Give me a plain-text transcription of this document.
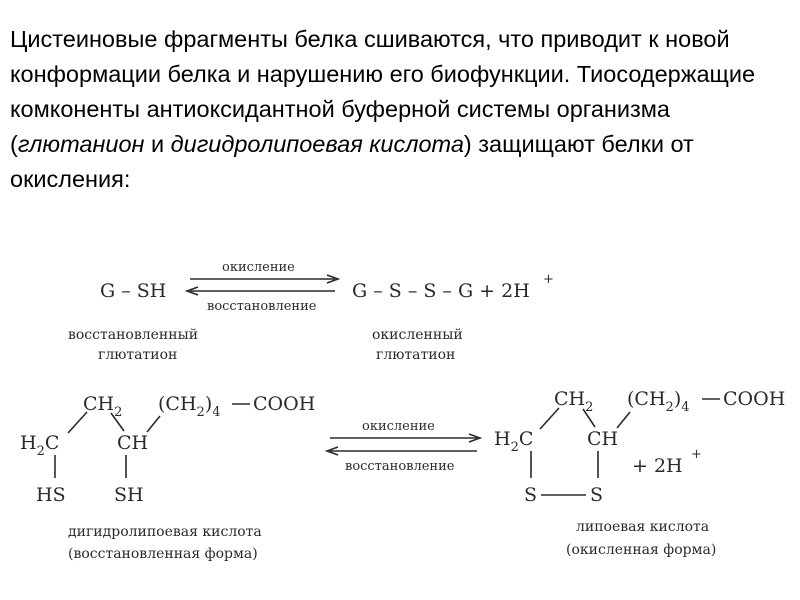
Цистеиновые фрагменты белка сшиваются, что приводит к новой конформации белка и нарушению его биофункции. Тиосодержащие комконенты антиоксидантной буферной системы организма (глютанион и дигидролипоевая кислота) защищают белки от окисления:

G – SH
окисление
восстановление
G – S – S – G + 2H
+
восстановленный
глютатион
окисленный
глютатион
$CH_2$ $(CH_2)_4$ COOH
$H_2C$	CH
HS	SH
дигидролипоевая кислота
(восстановленная форма)
окисление
восстановление
$CH_2$ $(CH_2)_4$ COOH
$H_2C$	CH
S	S
+ 2H
+
липоевая кислота
(окисленная форма)
